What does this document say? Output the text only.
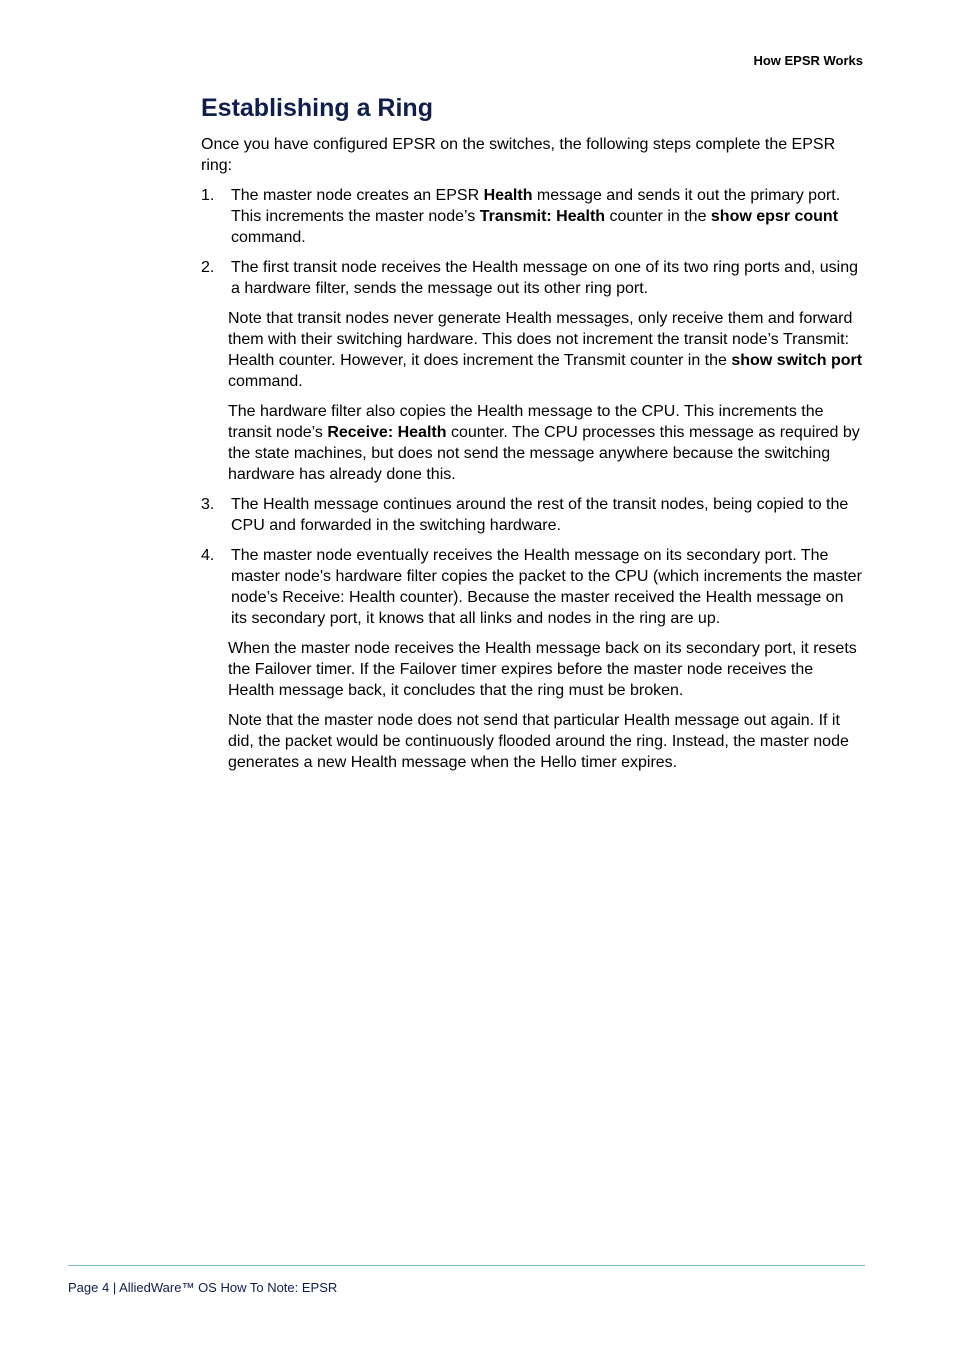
How EPSR Works
Establishing a Ring

Once you have configured EPSR on the switches, the following steps complete the EPSR ring:

1. The master node creates an EPSR Health message and sends it out the primary port. This increments the master node’s Transmit: Health counter in the show epsr count command.
2. The first transit node receives the Health message on one of its two ring ports and, using a hardware filter, sends the message out its other ring port.

Note that transit nodes never generate Health messages, only receive them and forward them with their switching hardware. This does not increment the transit node’s Transmit: Health counter. However, it does increment the Transmit counter in the show switch port command.

The hardware filter also copies the Health message to the CPU. This increments the transit node’s Receive: Health counter. The CPU processes this message as required by the state machines, but does not send the message anywhere because the switching hardware has already done this.

3. The Health message continues around the rest of the transit nodes, being copied to the CPU and forwarded in the switching hardware.
4. The master node eventually receives the Health message on its secondary port. The master node's hardware filter copies the packet to the CPU (which increments the master node’s Receive: Health counter). Because the master received the Health message on its secondary port, it knows that all links and nodes in the ring are up.

When the master node receives the Health message back on its secondary port, it resets the Failover timer. If the Failover timer expires before the master node receives the Health message back, it concludes that the ring must be broken.

Note that the master node does not send that particular Health message out again. If it did, the packet would be continuously flooded around the ring. Instead, the master node generates a new Health message when the Hello timer expires.

Page 4 | AlliedWare™ OS How To Note: EPSR
